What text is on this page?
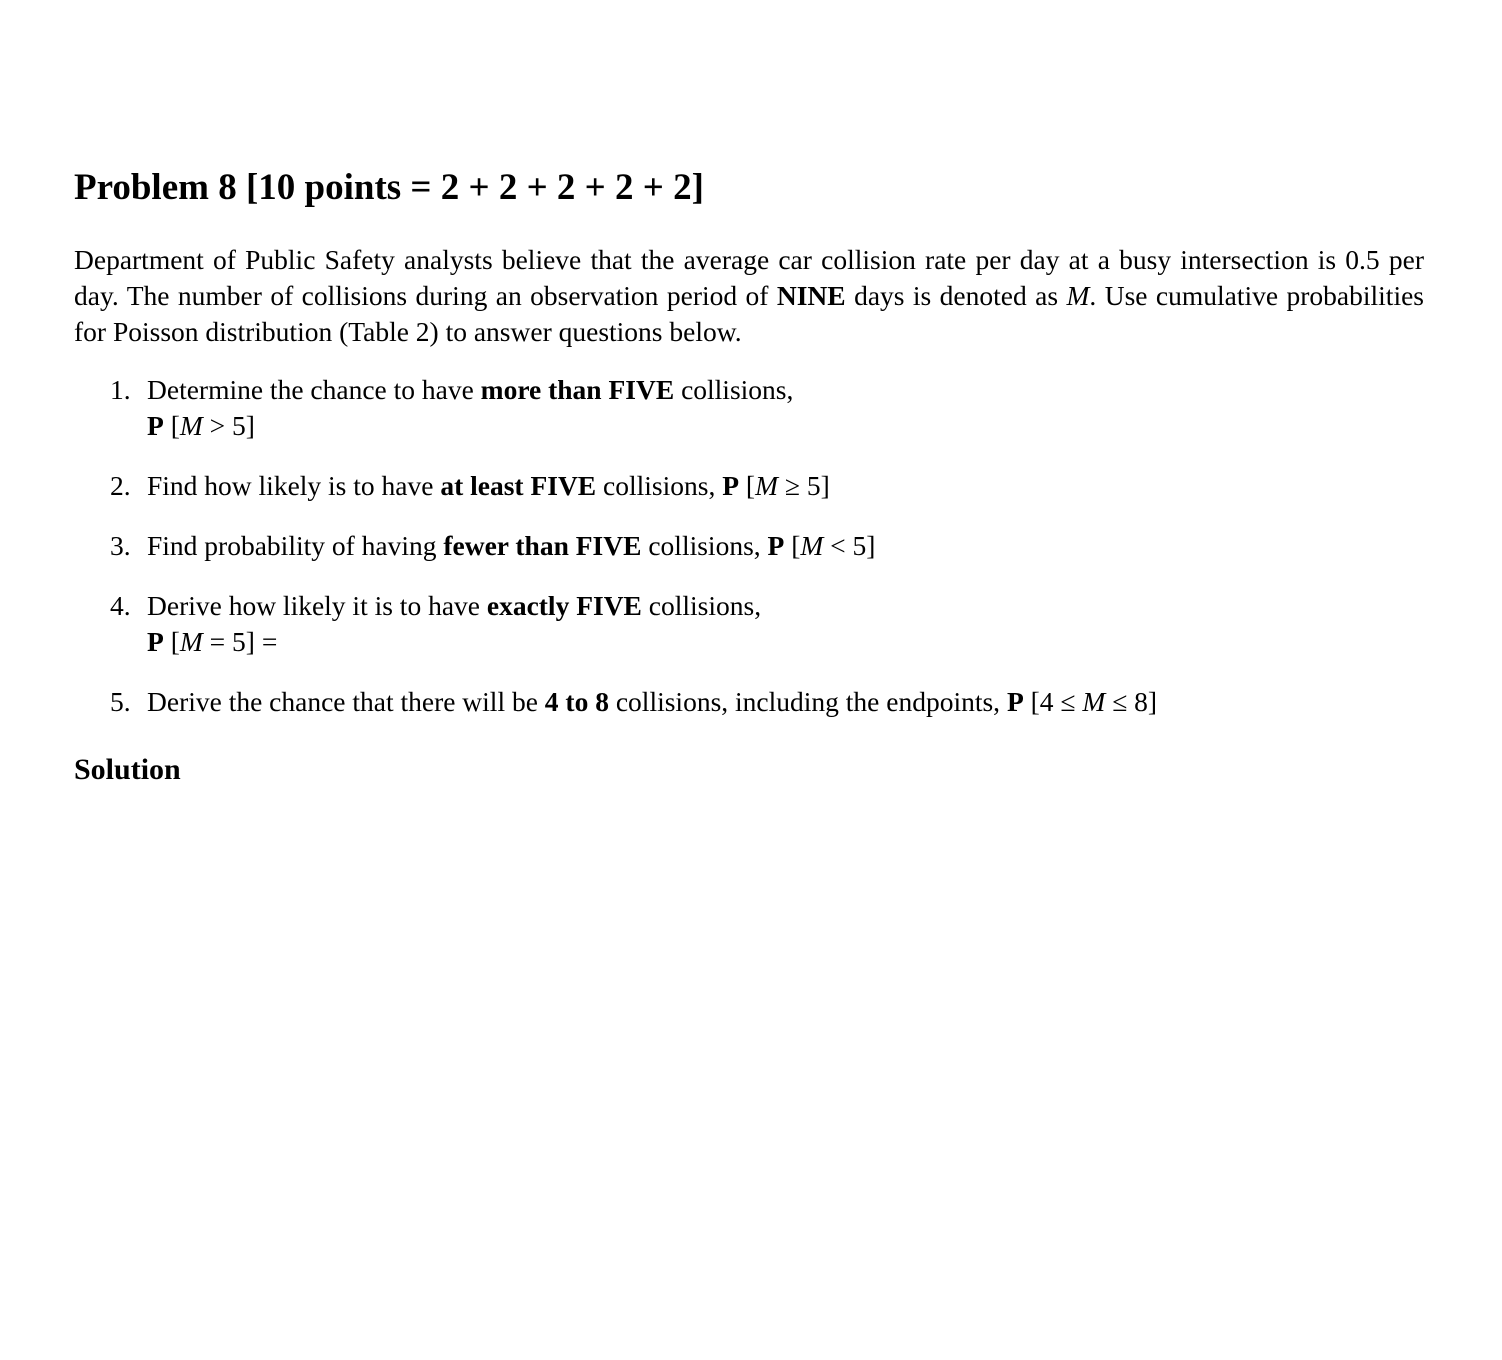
Problem 8 [10 points = 2 + 2 + 2 + 2 + 2]

Department of Public Safety analysts believe that the average car collision rate per day at a busy intersection is 0.5 per day. The number of collisions during an observation period of NINE days is denoted as M. Use cumulative probabilities for Poisson distribution (Table 2) to answer questions below.

1. Determine the chance to have more than FIVE collisions,
P [M > 5]
2. Find how likely is to have at least FIVE collisions, P [M ≥ 5]
3. Find probability of having fewer than FIVE collisions, P [M < 5]
4. Derive how likely it is to have exactly FIVE collisions,
P [M = 5] =
5. Derive the chance that there will be 4 to 8 collisions, including the endpoints, P [4 ≤ M ≤ 8]
Solution
